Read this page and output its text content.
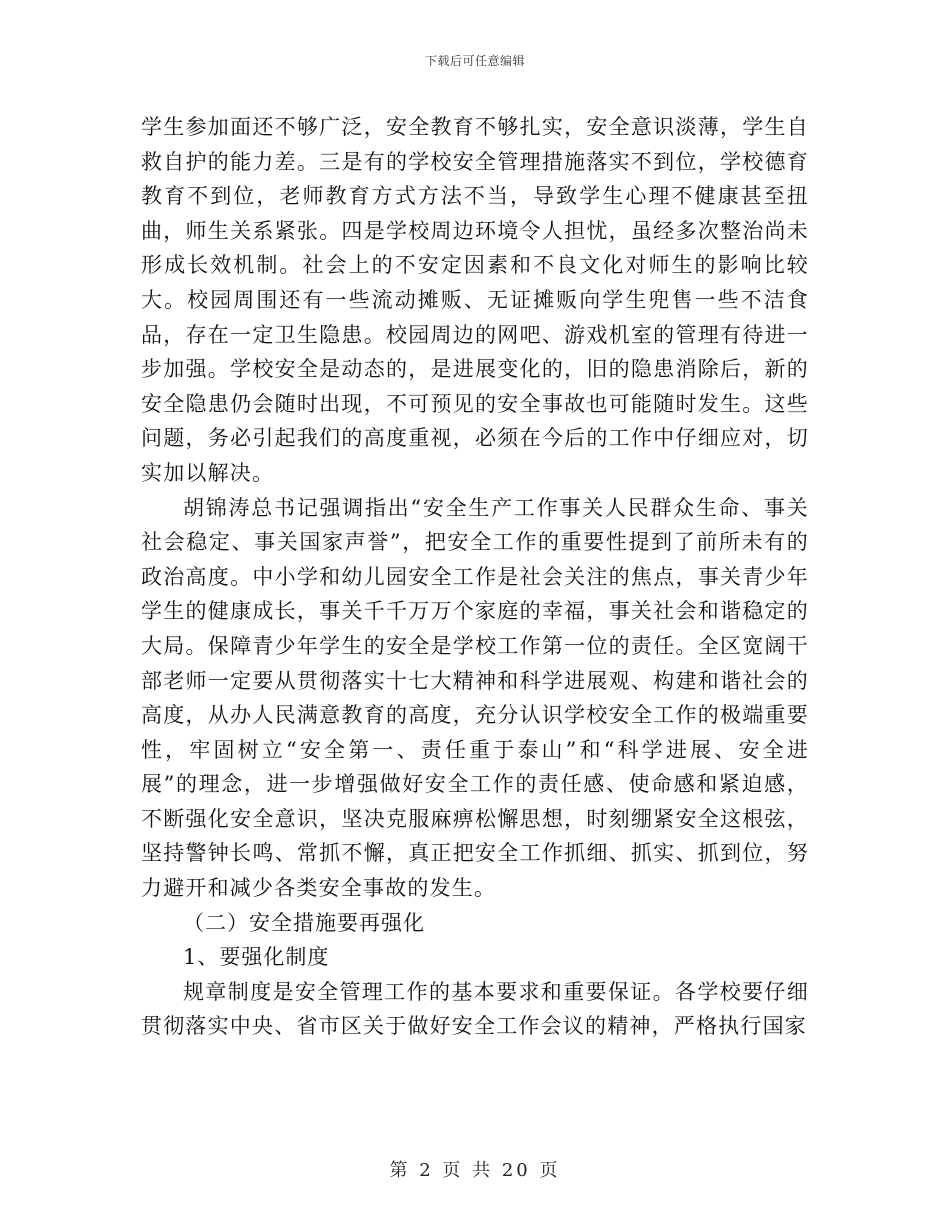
下载后可任意编辑

学生参加面还不够广泛，安全教育不够扎实，安全意识淡薄，学生自救自护的能力差。三是有的学校安全管理措施落实不到位，学校德育教育不到位，老师教育方式方法不当，导致学生心理不健康甚至扭曲，师生关系紧张。四是学校周边环境令人担忧，虽经多次整治尚未形成长效机制。社会上的不安定因素和不良文化对师生的影响比较大。校园周围还有一些流动摊贩、无证摊贩向学生兜售一些不洁食品，存在一定卫生隐患。校园周边的网吧、游戏机室的管理有待进一步加强。学校安全是动态的，是进展变化的，旧的隐患消除后，新的安全隐患仍会随时出现，不可预见的安全事故也可能随时发生。这些问题，务必引起我们的高度重视，必须在今后的工作中仔细应对，切实加以解决。

胡锦涛总书记强调指出“安全生产工作事关人民群众生命、事关社会稳定、事关国家声誉”，把安全工作的重要性提到了前所未有的政治高度。中小学和幼儿园安全工作是社会关注的焦点，事关青少年学生的健康成长，事关千千万万个家庭的幸福，事关社会和谐稳定的大局。保障青少年学生的安全是学校工作第一位的责任。全区宽阔干部老师一定要从贯彻落实十七大精神和科学进展观、构建和谐社会的高度，从办人民满意教育的高度，充分认识学校安全工作的极端重要性，牢固树立“安全第一、责任重于泰山”和“科学进展、安全进展”的理念，进一步增强做好安全工作的责任感、使命感和紧迫感，不断强化安全意识，坚决克服麻痹松懈思想，时刻绷紧安全这根弦，坚持警钟长鸣、常抓不懈，真正把安全工作抓细、抓实、抓到位，努力避开和减少各类安全事故的发生。

（二）安全措施要再强化

1、要强化制度

规章制度是安全管理工作的基本要求和重要保证。各学校要仔细贯彻落实中央、省市区关于做好安全工作会议的精神，严格执行国家

第 2 页 共 20 页
